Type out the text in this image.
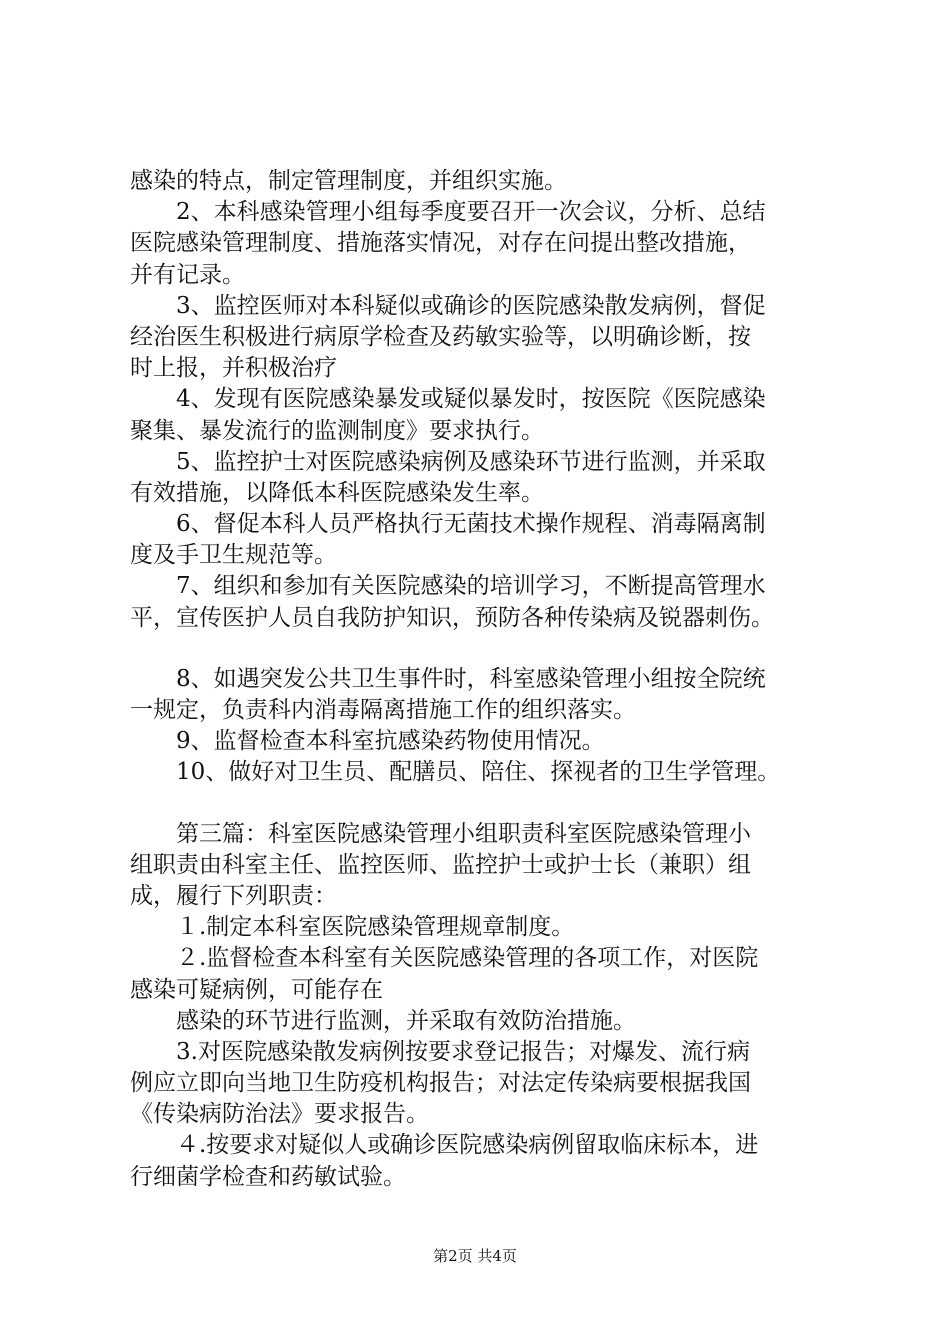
感染的特点，制定管理制度，并组织实施。
　　2、本科感染管理小组每季度要召开一次会议，分析、总结
医院感染管理制度、措施落实情况，对存在问提出整改措施，
并有记录。
　　3、监控医师对本科疑似或确诊的医院感染散发病例，督促
经治医生积极进行病原学检查及药敏实验等，以明确诊断，按
时上报，并积极治疗
　　4、发现有医院感染暴发或疑似暴发时，按医院《医院感染
聚集、暴发流行的监测制度》要求执行。
　　5、监控护士对医院感染病例及感染环节进行监测，并采取
有效措施，以降低本科医院感染发生率。
　　6、督促本科人员严格执行无菌技术操作规程、消毒隔离制
度及手卫生规范等。
　　7、组织和参加有关医院感染的培训学习，不断提高管理水
平，宣传医护人员自我防护知识，预防各种传染病及锐器刺伤。
　　8、如遇突发公共卫生事件时，科室感染管理小组按全院统
一规定，负责科内消毒隔离措施工作的组织落实。
　　9、监督检查本科室抗感染药物使用情况。
　　10、做好对卫生员、配膳员、陪住、探视者的卫生学管理。
　　第三篇：科室医院感染管理小组职责科室医院感染管理小
组职责由科室主任、监控医师、监控护士或护士长（兼职）组
成，履行下列职责：
　　１.制定本科室医院感染管理规章制度。
　　２.监督检查本科室有关医院感染管理的各项工作，对医院
感染可疑病例，可能存在
　　感染的环节进行监测，并采取有效防治措施。
　　3.对医院感染散发病例按要求登记报告；对爆发、流行病
例应立即向当地卫生防疫机构报告；对法定传染病要根据我国
《传染病防治法》要求报告。
　　４.按要求对疑似人或确诊医院感染病例留取临床标本，进
行细菌学检查和药敏试验。
第2页 共4页
